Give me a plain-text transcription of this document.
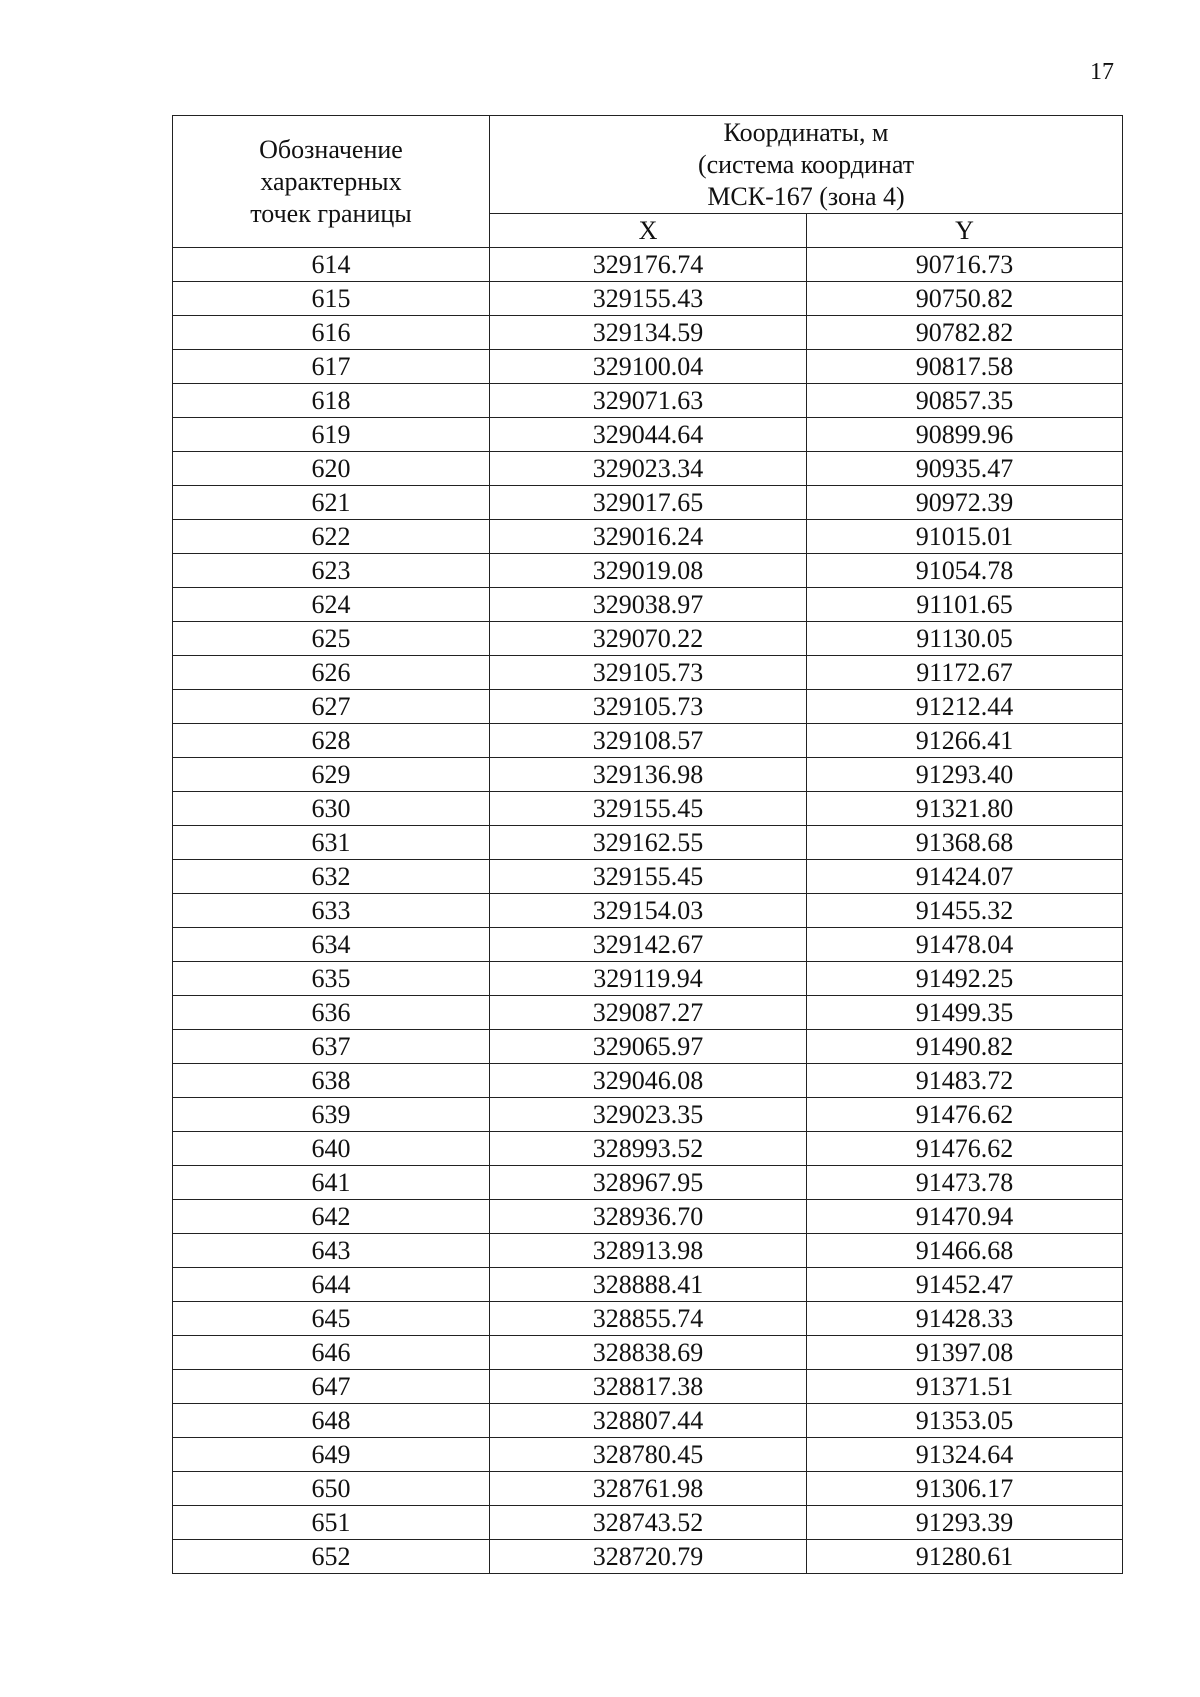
17
Обозначение
характерных
точек границы	Координаты, м
(система координат
МСК-167 (зона 4)	
	X	Y
614	329176.74	90716.73
615	329155.43	90750.82
616	329134.59	90782.82
617	329100.04	90817.58
618	329071.63	90857.35
619	329044.64	90899.96
620	329023.34	90935.47
621	329017.65	90972.39
622	329016.24	91015.01
623	329019.08	91054.78
624	329038.97	91101.65
625	329070.22	91130.05
626	329105.73	91172.67
627	329105.73	91212.44
628	329108.57	91266.41
629	329136.98	91293.40
630	329155.45	91321.80
631	329162.55	91368.68
632	329155.45	91424.07
633	329154.03	91455.32
634	329142.67	91478.04
635	329119.94	91492.25
636	329087.27	91499.35
637	329065.97	91490.82
638	329046.08	91483.72
639	329023.35	91476.62
640	328993.52	91476.62
641	328967.95	91473.78
642	328936.70	91470.94
643	328913.98	91466.68
644	328888.41	91452.47
645	328855.74	91428.33
646	328838.69	91397.08
647	328817.38	91371.51
648	328807.44	91353.05
649	328780.45	91324.64
650	328761.98	91306.17
651	328743.52	91293.39
652	328720.79	91280.61
